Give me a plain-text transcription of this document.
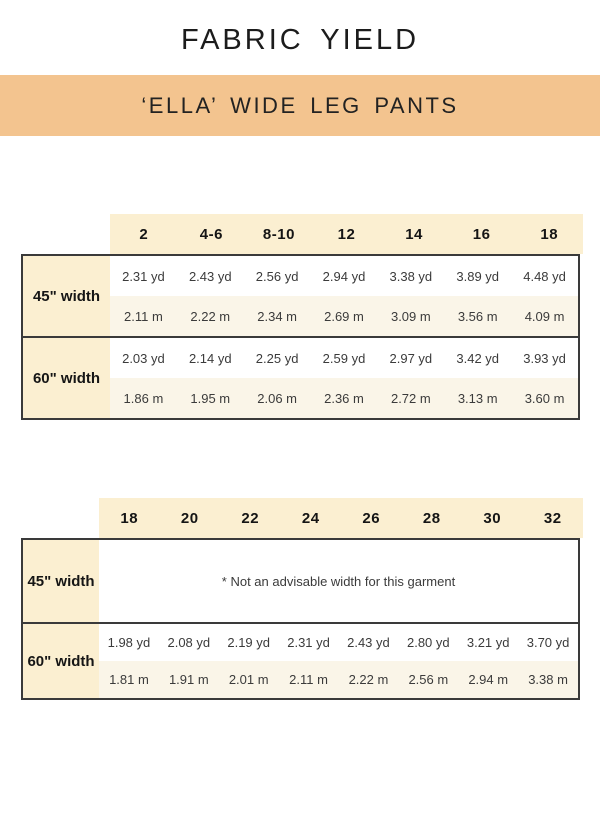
FABRIC YIELD
‘ELLA’ WIDE LEG PANTS
2	4-6	8-10	12	14	16	18
45" width
2.31 yd	2.43 yd	2.56 yd	2.94 yd	3.38 yd	3.89 yd	4.48 yd
2.11 m	2.22 m	2.34 m	2.69 m	3.09 m	3.56 m	4.09 m
60" width
2.03 yd	2.14 yd	2.25 yd	2.59 yd	2.97 yd	3.42 yd	3.93 yd
1.86 m	1.95 m	2.06 m	2.36 m	2.72 m	3.13 m	3.60 m
18	20	22	24	26	28	30	32
45" width	* Not an advisable width for this garment
60" width
1.98 yd	2.08 yd	2.19 yd	2.31 yd	2.43 yd	2.80 yd	3.21 yd	3.70 yd
1.81 m	1.91 m	2.01 m	2.11 m	2.22 m	2.56 m	2.94 m	3.38 m
